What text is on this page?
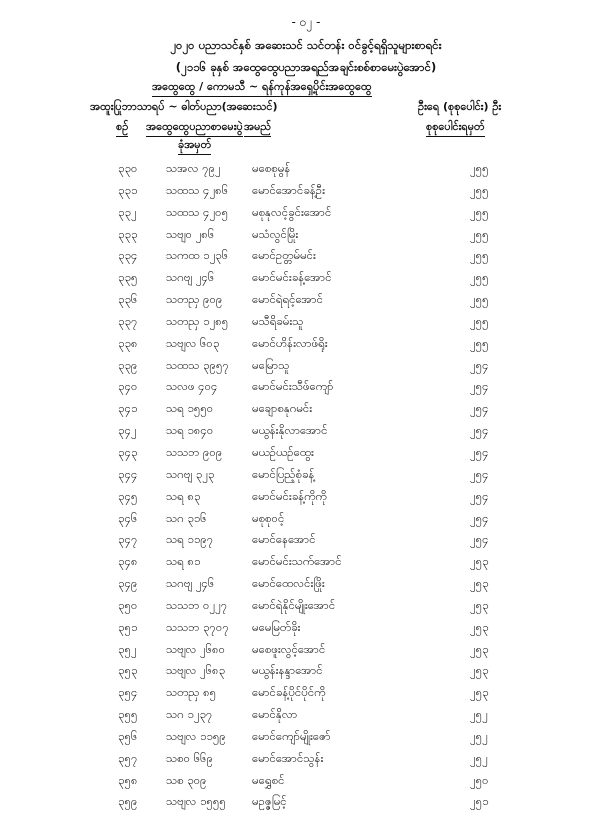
- ၀၂ -
၂၀၂၀ ပညာသင်နှစ် အဆေးသင် သင်တန်း ဝင်ခွင့်ရရှိသူများစာရင်း
(၂၁၁၆ ခုနှစ် အထွေထွေပညာအရည်အချင်းစစ်စာမေးပွဲအောင်)
အထွေထွေ / ကောမသီ ~ ရန်ကုန်အရှေ့ပိုင်းအထွေထွေ
အထူးပြုဘာသာရပ် ~ ဓါတ်ပညာ(အဆေးသင်)	ဦးရေ (စုစုပေါင်း) ဦး
စဉ် အထွေထွေပညာစာမေးပွဲ
ခုံအမှတ်
အမည်	စုစုပေါင်းရမှတ်
၃၃၀ သအလ ၇၉၂	မစေစုမွန်	၂၅၅
၃၃၁ သထသ ၄၂၈၆ မောင်အောင်ခန့်ဦး	၂၅၅
၃၃၂	သထသ ၄၂၀၅ မစုနုလင့်ခွင်းအောင်	၂၅၅
၃၃၃ သဗျ၀ ၂၈၆	မသံလွင်မြိုး	၂၅၅
၃၃၄ သကထ ၁၂၃၆ မောင်ဥတ္တမ်မင်း	၂၅၅
၃၃၅ သဂဗျ ၂၄၆	မောင်မင်းခန့်အောင်	၂၅၅
၃၃၆ သတညှ ၉၀၉	မောင်ရဲရင့်အောင်	၂၅၅
၃၃၇ သတညှ ၁၂၈၅ မသီရိခမ်းသူ	၂၅၅
၃၃၈ သဗျလ ၆၀၃	မောင်ဟိန်းလာဖ်ရိုး	၂၅၅
၃၃၉ သထသ ၃၉၅၇ မမြောသူ	၂၅၄
၃၄၀ သလဖ ၄၀၄	မောင်မင်းသီဖ်ကျော်	၂၅၄
၃၄၁ သရ ၁၅၅၀	မချောစနုဂမင်း	၂၅၄
၃၄၂	သရ ၁၈၄၀	မယွန်းနိုလာအောင်	၂၅၄
၃၄၃ သသဘ ၉၀၉	မယဉ်ယဉ်ထွေး	၂၅၄
၃၄၄ သဂဗျ ၃၂၃	မောင်ပြည့်စုံခန့်	၂၅၄
၃၄၅ သရ ၈၃	မောင်မင်းခန့်ကိုကို	၂၅၄
၃၄၆ သဂ ၃၁၆	မစုစုဝင့်	၂၅၄
၃၄၇ သရ ၁၁၉၇	မောင်နေအောင်	၂၅၄
၃၄၈ သရ ၈၁	မောင်မင်းသက်အောင်	၂၅၃
၃၄၉ သဂဗျ ၂၄၆	မောင်ထေလင်းဖြိုး	၂၅၃
၃၅၀ သသဘ ၀၂၂၇ မောင်ရဲနိုင်မျိုးအောင်	၂၅၃
၃၅၁ သသဘ ၃၇၀၇ မမေမြတ်ခိုး	၂၅၃
၃၅၂	သဗျလ ၂၆၈၀ မစေဖူးလွင့်အောင်	၂၅၃
၃၅၃ သဗျလ ၂၆၈၃ မယွန်းနန္ဒာအောင်	၂၅၃
၃၅၄ သတညှ ၈၅	မောင်ခန့်ပိုင်ပိုင်ကို	၂၅၃
၃၅၅ သဂ ၁၂၃၇	မောင်နိုလာ	၂၅၂
၃၅၆ သဗျလ ၁၁၅၉ မောင်ကျော်မျိုးဇော်	၂၅၂
၃၅၇ သစ၀ ၆၆၉	မောင်အောင်သွန်း	၂၅၂
၃၅၈ သစ ၃၀၉	မရွှေစင်	၂၅၀
၃၅၉ သဗျလ ၁၅၅၅ မဥဇ္ဇမြင့်	၂၅၁
